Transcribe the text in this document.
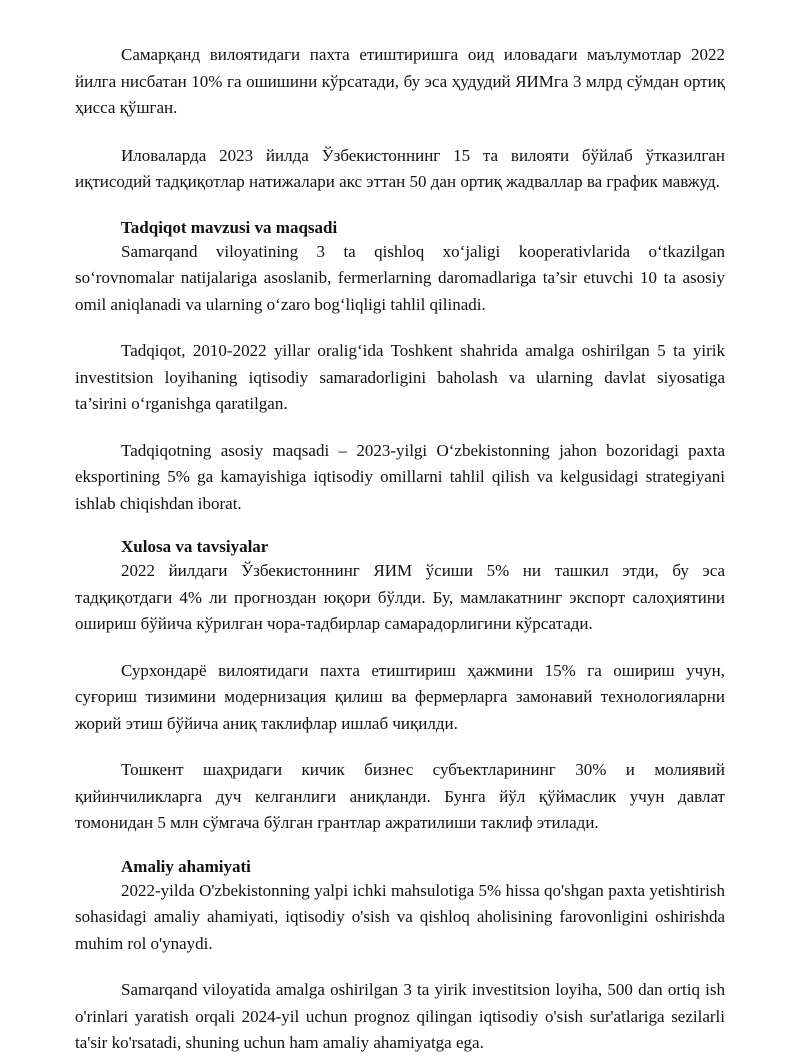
Самарқанд вилоятидаги пахта етиштиришга оид иловадаги маълумотлар 2022 йилга нисбатан 10% га ошишини кўрсатади, бу эса ҳудудий ЯИМга 3 млрд сўмдан ортиқ ҳисса қўшган.

Иловаларда 2023 йилда Ўзбекистоннинг 15 та вилояти бўйлаб ўтказилган иқтисодий тадқиқотлар натижалари акс эттан 50 дан ортиқ жадваллар ва график мавжуд.

Tadqiqot mavzusi va maqsadi

Samarqand viloyatining 3 ta qishloq xo‘jaligi kooperativlarida o‘tkazilgan so‘rovnomalar natijalariga asoslanib, fermerlarning daromadlariga ta’sir etuvchi 10 ta asosiy omil aniqlanadi va ularning o‘zaro bog‘liqligi tahlil qilinadi.

Tadqiqot, 2010-2022 yillar oralig‘ida Toshkent shahrida amalga oshirilgan 5 ta yirik investitsion loyihaning iqtisodiy samaradorligini baholash va ularning davlat siyosatiga ta’sirini o‘rganishga qaratilgan.

Tadqiqotning asosiy maqsadi – 2023-yilgi O‘zbekistonning jahon bozoridagi paxta eksportining 5% ga kamayishiga iqtisodiy omillarni tahlil qilish va kelgusidagi strategiyani ishlab chiqishdan iborat.

Xulosa va tavsiyalar

2022 йилдаги Ўзбекистоннинг ЯИМ ўсиши 5% ни ташкил этди, бу эса тадқиқотдаги 4% ли прогноздан юқори бўлди. Бу, мамлакатнинг экспорт салоҳиятини ошириш бўйича кўрилган чора-тадбирлар самарадорлигини кўрсатади.

Сурхондарё вилоятидаги пахта етиштириш ҳажмини 15% га ошириш учун, суғориш тизимини модернизация қилиш ва фермерларга замонавий технологияларни жорий этиш бўйича аниқ таклифлар ишлаб чиқилди.

Тошкент шаҳридаги кичик бизнес субъектларининг 30% и молиявий қийинчиликларга дуч келганлиги аниқланди. Бунга йўл қўймаслик учун давлат томонидан 5 млн сўмгача бўлган грантлар ажратилиши таклиф этилади.

Amaliy ahamiyati

2022-yilda O'zbekistonning yalpi ichki mahsulotiga 5% hissa qo'shgan paxta yetishtirish sohasidagi amaliy ahamiyati, iqtisodiy o'sish va qishloq aholisining farovonligini oshirishda muhim rol o'ynaydi.

Samarqand viloyatida amalga oshirilgan 3 ta yirik investitsion loyiha, 500 dan ortiq ish o'rinlari yaratish orqali 2024-yil uchun prognoz qilingan iqtisodiy o'sish sur'atlariga sezilarli ta'sir ko'rsatadi, shuning uchun ham amaliy ahamiyatga ega.
